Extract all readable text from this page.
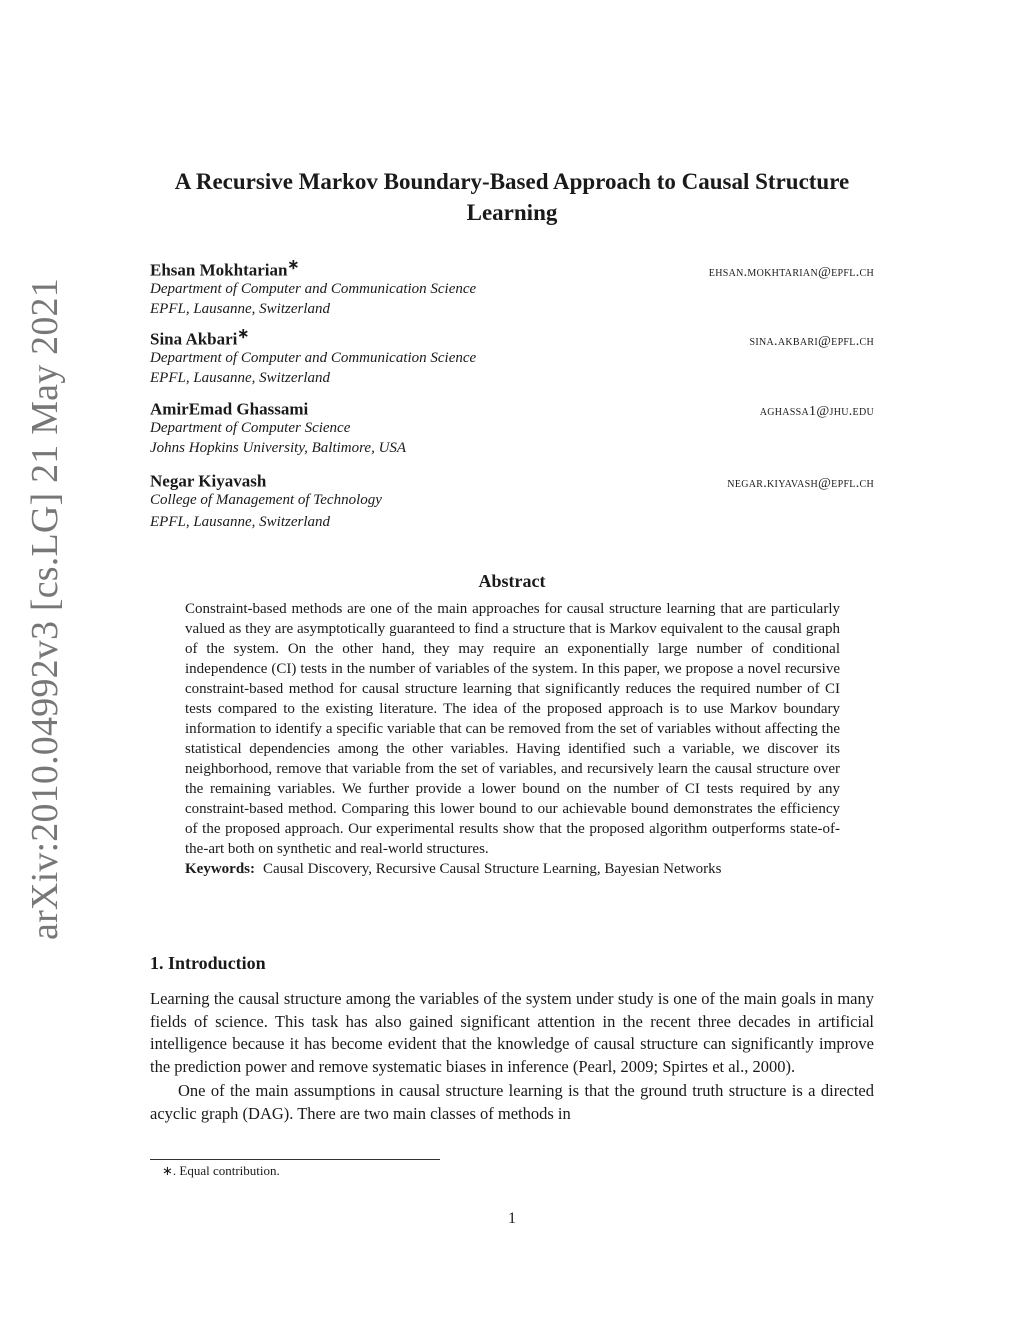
arXiv:2010.04992v3 [cs.LG] 21 May 2021
A Recursive Markov Boundary-Based Approach to Causal Structure Learning
Ehsan Mokhtarian∗	ehsan.mokhtarian@epfl.ch
Department of Computer and Communication Science
EPFL, Lausanne, Switzerland
Sina Akbari∗	sina.akbari@epfl.ch
Department of Computer and Communication Science
EPFL, Lausanne, Switzerland
AmirEmad Ghassami	aghassa1@jhu.edu
Department of Computer Science
Johns Hopkins University, Baltimore, USA
Negar Kiyavash	negar.kiyavash@epfl.ch
College of Management of Technology
EPFL, Lausanne, Switzerland
Abstract
Constraint-based methods are one of the main approaches for causal structure learning that are particularly valued as they are asymptotically guaranteed to find a structure that is Markov equivalent to the causal graph of the system. On the other hand, they may require an exponentially large number of conditional independence (CI) tests in the number of variables of the system. In this paper, we propose a novel recursive constraint-based method for causal structure learning that significantly reduces the required number of CI tests compared to the existing literature. The idea of the proposed approach is to use Markov boundary information to identify a specific variable that can be removed from the set of variables without affecting the statistical dependencies among the other variables. Having identified such a variable, we discover its neighborhood, remove that variable from the set of variables, and recursively learn the causal structure over the remaining variables. We further provide a lower bound on the number of CI tests required by any constraint-based method. Comparing this lower bound to our achievable bound demonstrates the efficiency of the proposed approach. Our experimental results show that the proposed algorithm outperforms state-of-the-art both on synthetic and real-world structures.
Keywords: Causal Discovery, Recursive Causal Structure Learning, Bayesian Networks
1. Introduction

Learning the causal structure among the variables of the system under study is one of the main goals in many fields of science. This task has also gained significant attention in the recent three decades in artificial intelligence because it has become evident that the knowledge of causal structure can significantly improve the prediction power and remove systematic biases in inference (Pearl, 2009; Spirtes et al., 2000).

One of the main assumptions in causal structure learning is that the ground truth structure is a directed acyclic graph (DAG). There are two main classes of methods in

∗. Equal contribution.
1
